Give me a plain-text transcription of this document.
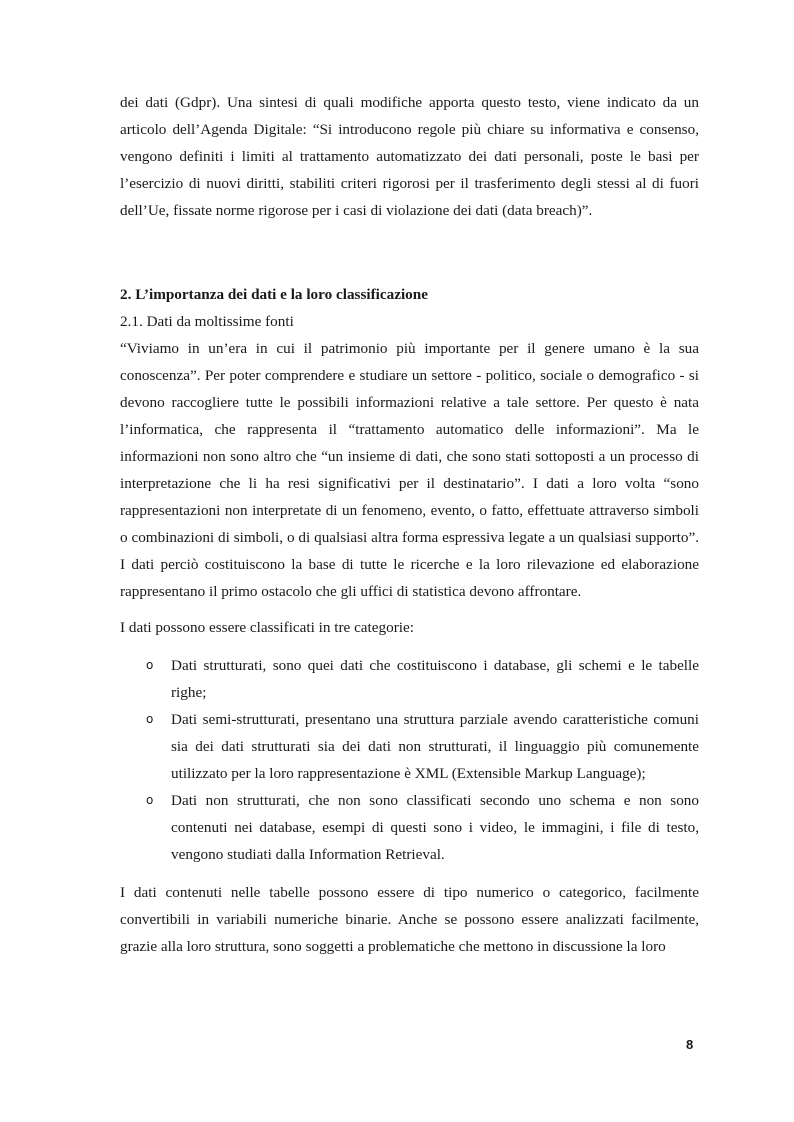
dei dati (Gdpr). Una sintesi di quali modifiche apporta questo testo, viene indicato da un articolo dell’Agenda Digitale: “Si introducono regole più chiare su informativa e consenso, vengono definiti i limiti al trattamento automatizzato dei dati personali, poste le basi per l’esercizio di nuovi diritti, stabiliti criteri rigorosi per il trasferimento degli stessi al di fuori dell’Ue, fissate norme rigorose per i casi di violazione dei dati (data breach)”.

2. L’importanza dei dati e la loro classificazione
2.1. Dati da moltissime fonti

“Viviamo in un’era in cui il patrimonio più importante per il genere umano è la sua conoscenza”. Per poter comprendere e studiare un settore - politico, sociale o demografico - si devono raccogliere tutte le possibili informazioni relative a tale settore. Per questo è nata l’informatica, che rappresenta il “trattamento automatico delle informazioni”. Ma le informazioni non sono altro che “un insieme di dati, che sono stati sottoposti a un processo di interpretazione che li ha resi significativi per il destinatario”. I dati a loro volta “sono rappresentazioni non interpretate di un fenomeno, evento, o fatto, effettuate attraverso simboli o combinazioni di simboli, o di qualsiasi altra forma espressiva legate a un qualsiasi supporto”. I dati perciò costituiscono la base di tutte le ricerche e la loro rilevazione ed elaborazione rappresentano il primo ostacolo che gli uffici di statistica devono affrontare.

I dati possono essere classificati in tre categorie:

o Dati strutturati, sono quei dati che costituiscono i database, gli schemi e le tabelle righe;
o Dati semi-strutturati, presentano una struttura parziale avendo caratteristiche comuni sia dei dati strutturati sia dei dati non strutturati, il linguaggio più comunemente utilizzato per la loro rappresentazione è XML (Extensible Markup Language);
o Dati non strutturati, che non sono classificati secondo uno schema e non sono contenuti nei database, esempi di questi sono i video, le immagini, i file di testo, vengono studiati dalla Information Retrieval.

I dati contenuti nelle tabelle possono essere di tipo numerico o categorico, facilmente convertibili in variabili numeriche binarie. Anche se possono essere analizzati facilmente, grazie alla loro struttura, sono soggetti a problematiche che mettono in discussione la loro

8
